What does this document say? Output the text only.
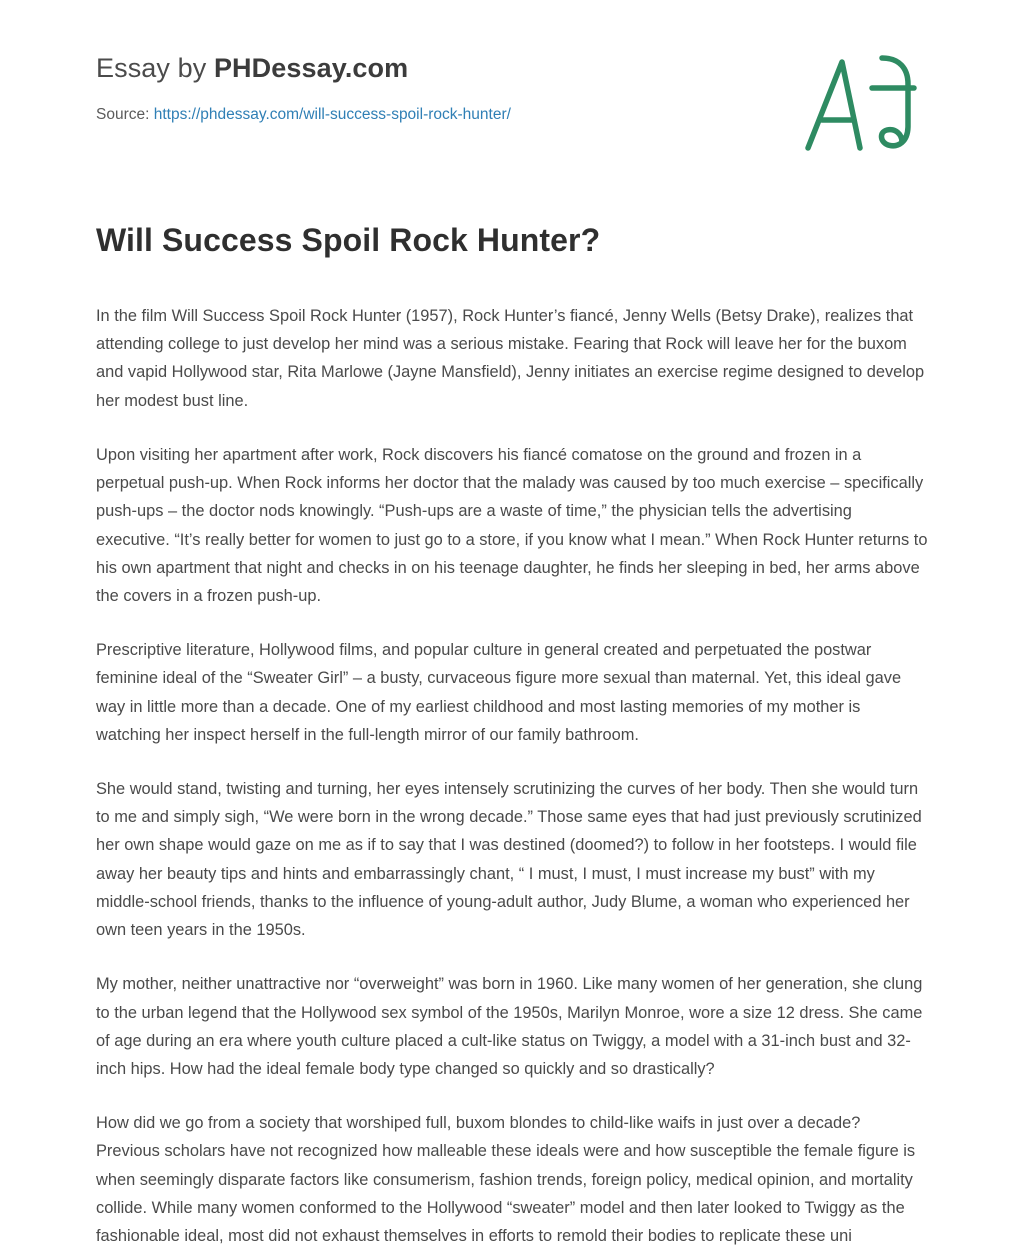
Essay by PHDessay.com
Source: https://phdessay.com/will-success-spoil-rock-hunter/
Will Success Spoil Rock Hunter?

In the film Will Success Spoil Rock Hunter (1957), Rock Hunter’s fiancé, Jenny Wells (Betsy Drake), realizes that attending college to just develop her mind was a serious mistake. Fearing that Rock will leave her for the buxom and vapid Hollywood star, Rita Marlowe (Jayne Mansfield), Jenny initiates an exercise regime designed to develop her modest bust line.

Upon visiting her apartment after work, Rock discovers his fiancé comatose on the ground and frozen in a perpetual push-up. When Rock informs her doctor that the malady was caused by too much exercise – specifically push-ups – the doctor nods knowingly. “Push-ups are a waste of time,” the physician tells the advertising executive. “It’s really better for women to just go to a store, if you know what I mean.” When Rock Hunter returns to his own apartment that night and checks in on his teenage daughter, he finds her sleeping in bed, her arms above the covers in a frozen push-up.

Prescriptive literature, Hollywood films, and popular culture in general created and perpetuated the postwar feminine ideal of the “Sweater Girl” – a busty, curvaceous figure more sexual than maternal. Yet, this ideal gave way in little more than a decade. One of my earliest childhood and most lasting memories of my mother is watching her inspect herself in the full-length mirror of our family bathroom.

She would stand, twisting and turning, her eyes intensely scrutinizing the curves of her body. Then she would turn to me and simply sigh, “We were born in the wrong decade.” Those same eyes that had just previously scrutinized her own shape would gaze on me as if to say that I was destined (doomed?) to follow in her footsteps. I would file away her beauty tips and hints and embarrassingly chant, “ I must, I must, I must increase my bust” with my middle-school friends, thanks to the influence of young-adult author, Judy Blume, a woman who experienced her own teen years in the 1950s.

My mother, neither unattractive nor “overweight” was born in 1960. Like many women of her generation, she clung to the urban legend that the Hollywood sex symbol of the 1950s, Marilyn Monroe, wore a size 12 dress. She came of age during an era where youth culture placed a cult-like status on Twiggy, a model with a 31-inch bust and 32-inch hips. How had the ideal female body type changed so quickly and so drastically?

How did we go from a society that worshiped full, buxom blondes to child-like waifs in just over a decade? Previous scholars have not recognized how malleable these ideals were and how susceptible the female figure is when seemingly disparate factors like consumerism, fashion trends, foreign policy, medical opinion, and mortality collide. While many women conformed to the Hollywood “sweater” model and then later looked to Twiggy as the fashionable ideal, most did not exhaust themselves in efforts to remold their bodies to replicate these uni
